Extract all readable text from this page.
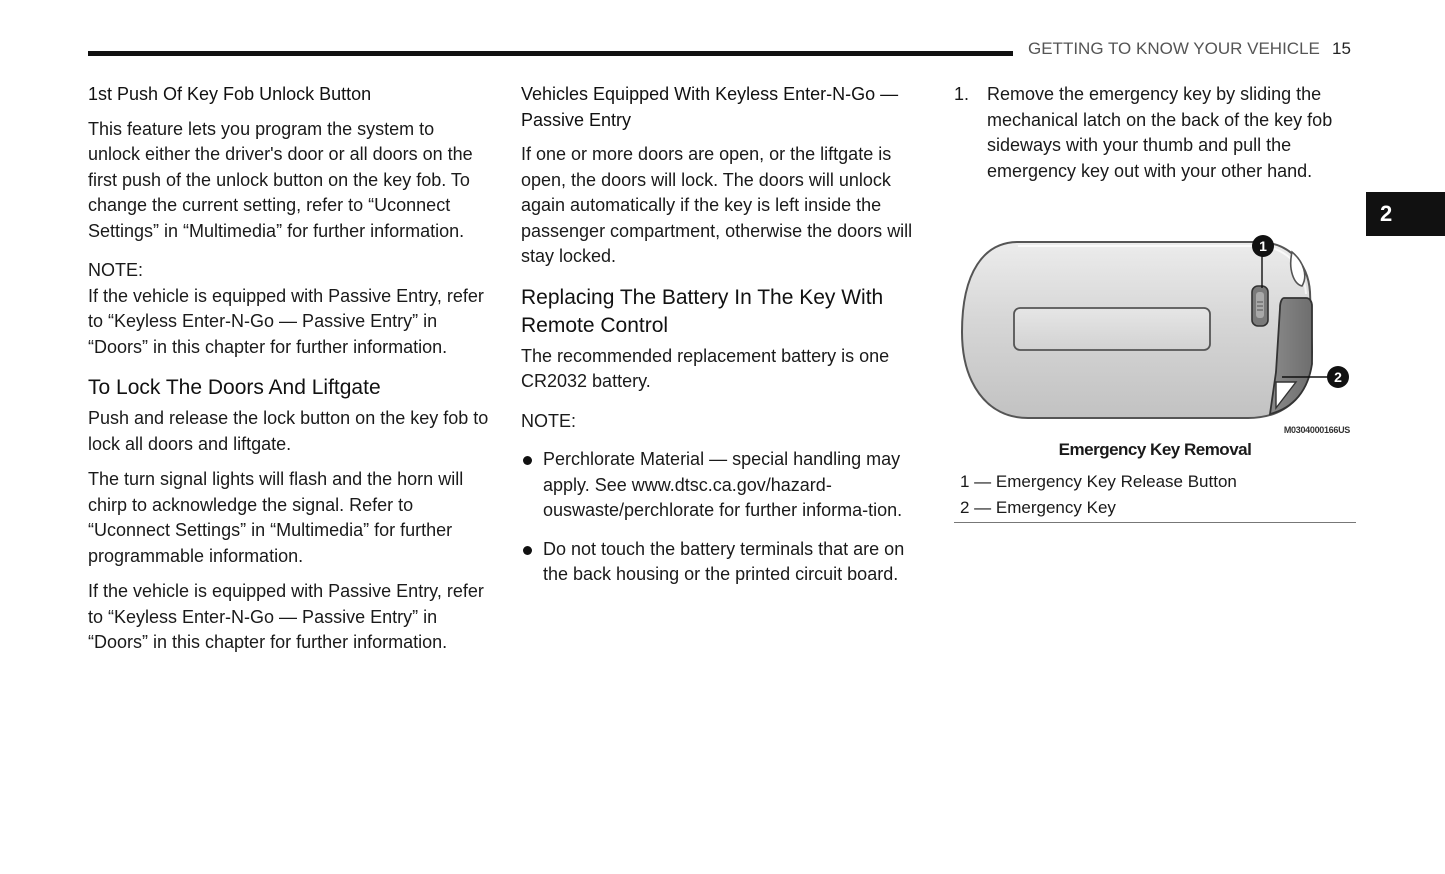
GETTING TO KNOW YOUR VEHICLE 15
2
1st Push Of Key Fob Unlock Button

This feature lets you program the system to unlock either the driver's door or all doors on the first push of the unlock button on the key fob. To change the current setting, refer to “Uconnect Settings” in “Multimedia” for further information.

NOTE:

If the vehicle is equipped with Passive Entry, refer to “Keyless Enter-N-Go — Passive Entry” in “Doors” in this chapter for further information.

To Lock The Doors And Liftgate

Push and release the lock button on the key fob to lock all doors and liftgate.

The turn signal lights will flash and the horn will chirp to acknowledge the signal. Refer to “Uconnect Settings” in “Multimedia” for further programmable information.

If the vehicle is equipped with Passive Entry, refer to “Keyless Enter-N-Go — Passive Entry” in “Doors” in this chapter for further information.

Vehicles Equipped With Keyless Enter-N-Go — Passive Entry

If one or more doors are open, or the liftgate is open, the doors will lock. The doors will unlock again automatically if the key is left inside the passenger compartment, otherwise the doors will stay locked.

Replacing The Battery In The Key With Remote Control

The recommended replacement battery is one CR2032 battery.

NOTE:

Perchlorate Material — special handling may apply. See www.dtsc.ca.gov/hazard-ouswaste/perchlorate for further informa-tion.
Do not touch the battery terminals that are on the back housing or the printed circuit board.
1. Remove the emergency key by sliding the mechanical latch on the back of the key fob sideways with your thumb and pull the emergency key out with your other hand.
1
2
M0304000166US
Emergency Key Removal
1 — Emergency Key Release Button
2 — Emergency Key
